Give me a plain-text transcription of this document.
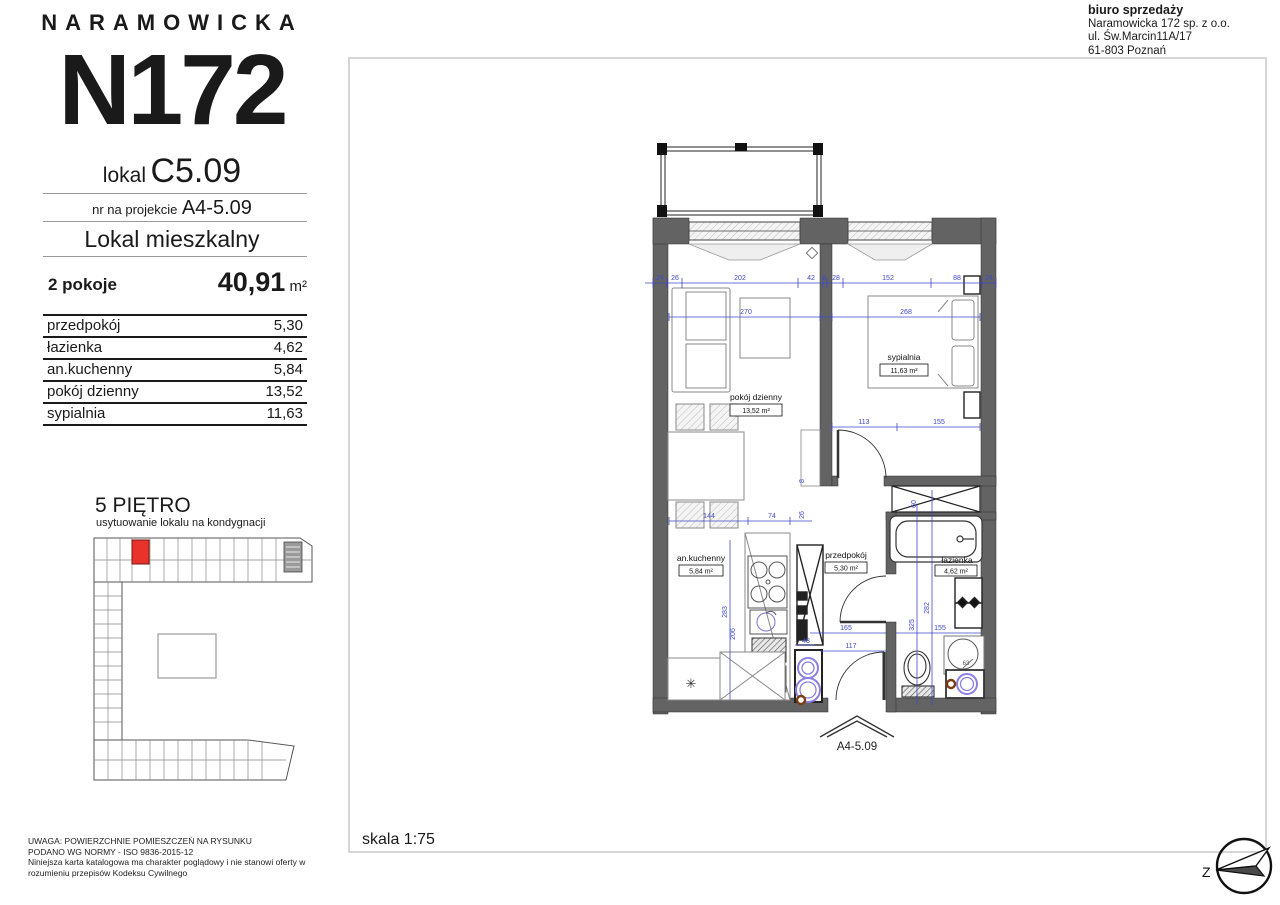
NARAMOWICKA
N172
lokal C5.09
nr na projekcie A4-5.09
Lokal mieszkalny
2 pokoje	40,91 m²
przedpokój	5,30
łazienka	4,62
an.kuchenny	5,84
pokój dzienny	13,52
sypialnia	11,63
5 PIĘTRO
usytuowanie lokalu na kondygnacji
UWAGA: POWIERZCHNIE POMIESZCZEŃ NA RYSUNKU
PODANO WG NORMY - ISO 9836-2015-12
Niniejsza karta katalogowa ma charakter poglądowy i nie stanowi oferty w
rozumieniu przepisów Kodeksu Cywilnego
biuro sprzedaży
Naramowicka 172 sp. z o.o.
ul. Św.Marcin11A/17
61-803 Poznań
skala 1:75
✳
24 26	202	42 8 28	152	88	24
270	268
113	155
144	74
283
206
8
26
165
117
48
60
325
282
155
63
pokój dzienny
13,52 m²
sypialnia
11,63 m²
an.kuchenny
5,84 m²
przedpokój
5,30 m²
łazienka
4,62 m²
A4-5.09
Z
